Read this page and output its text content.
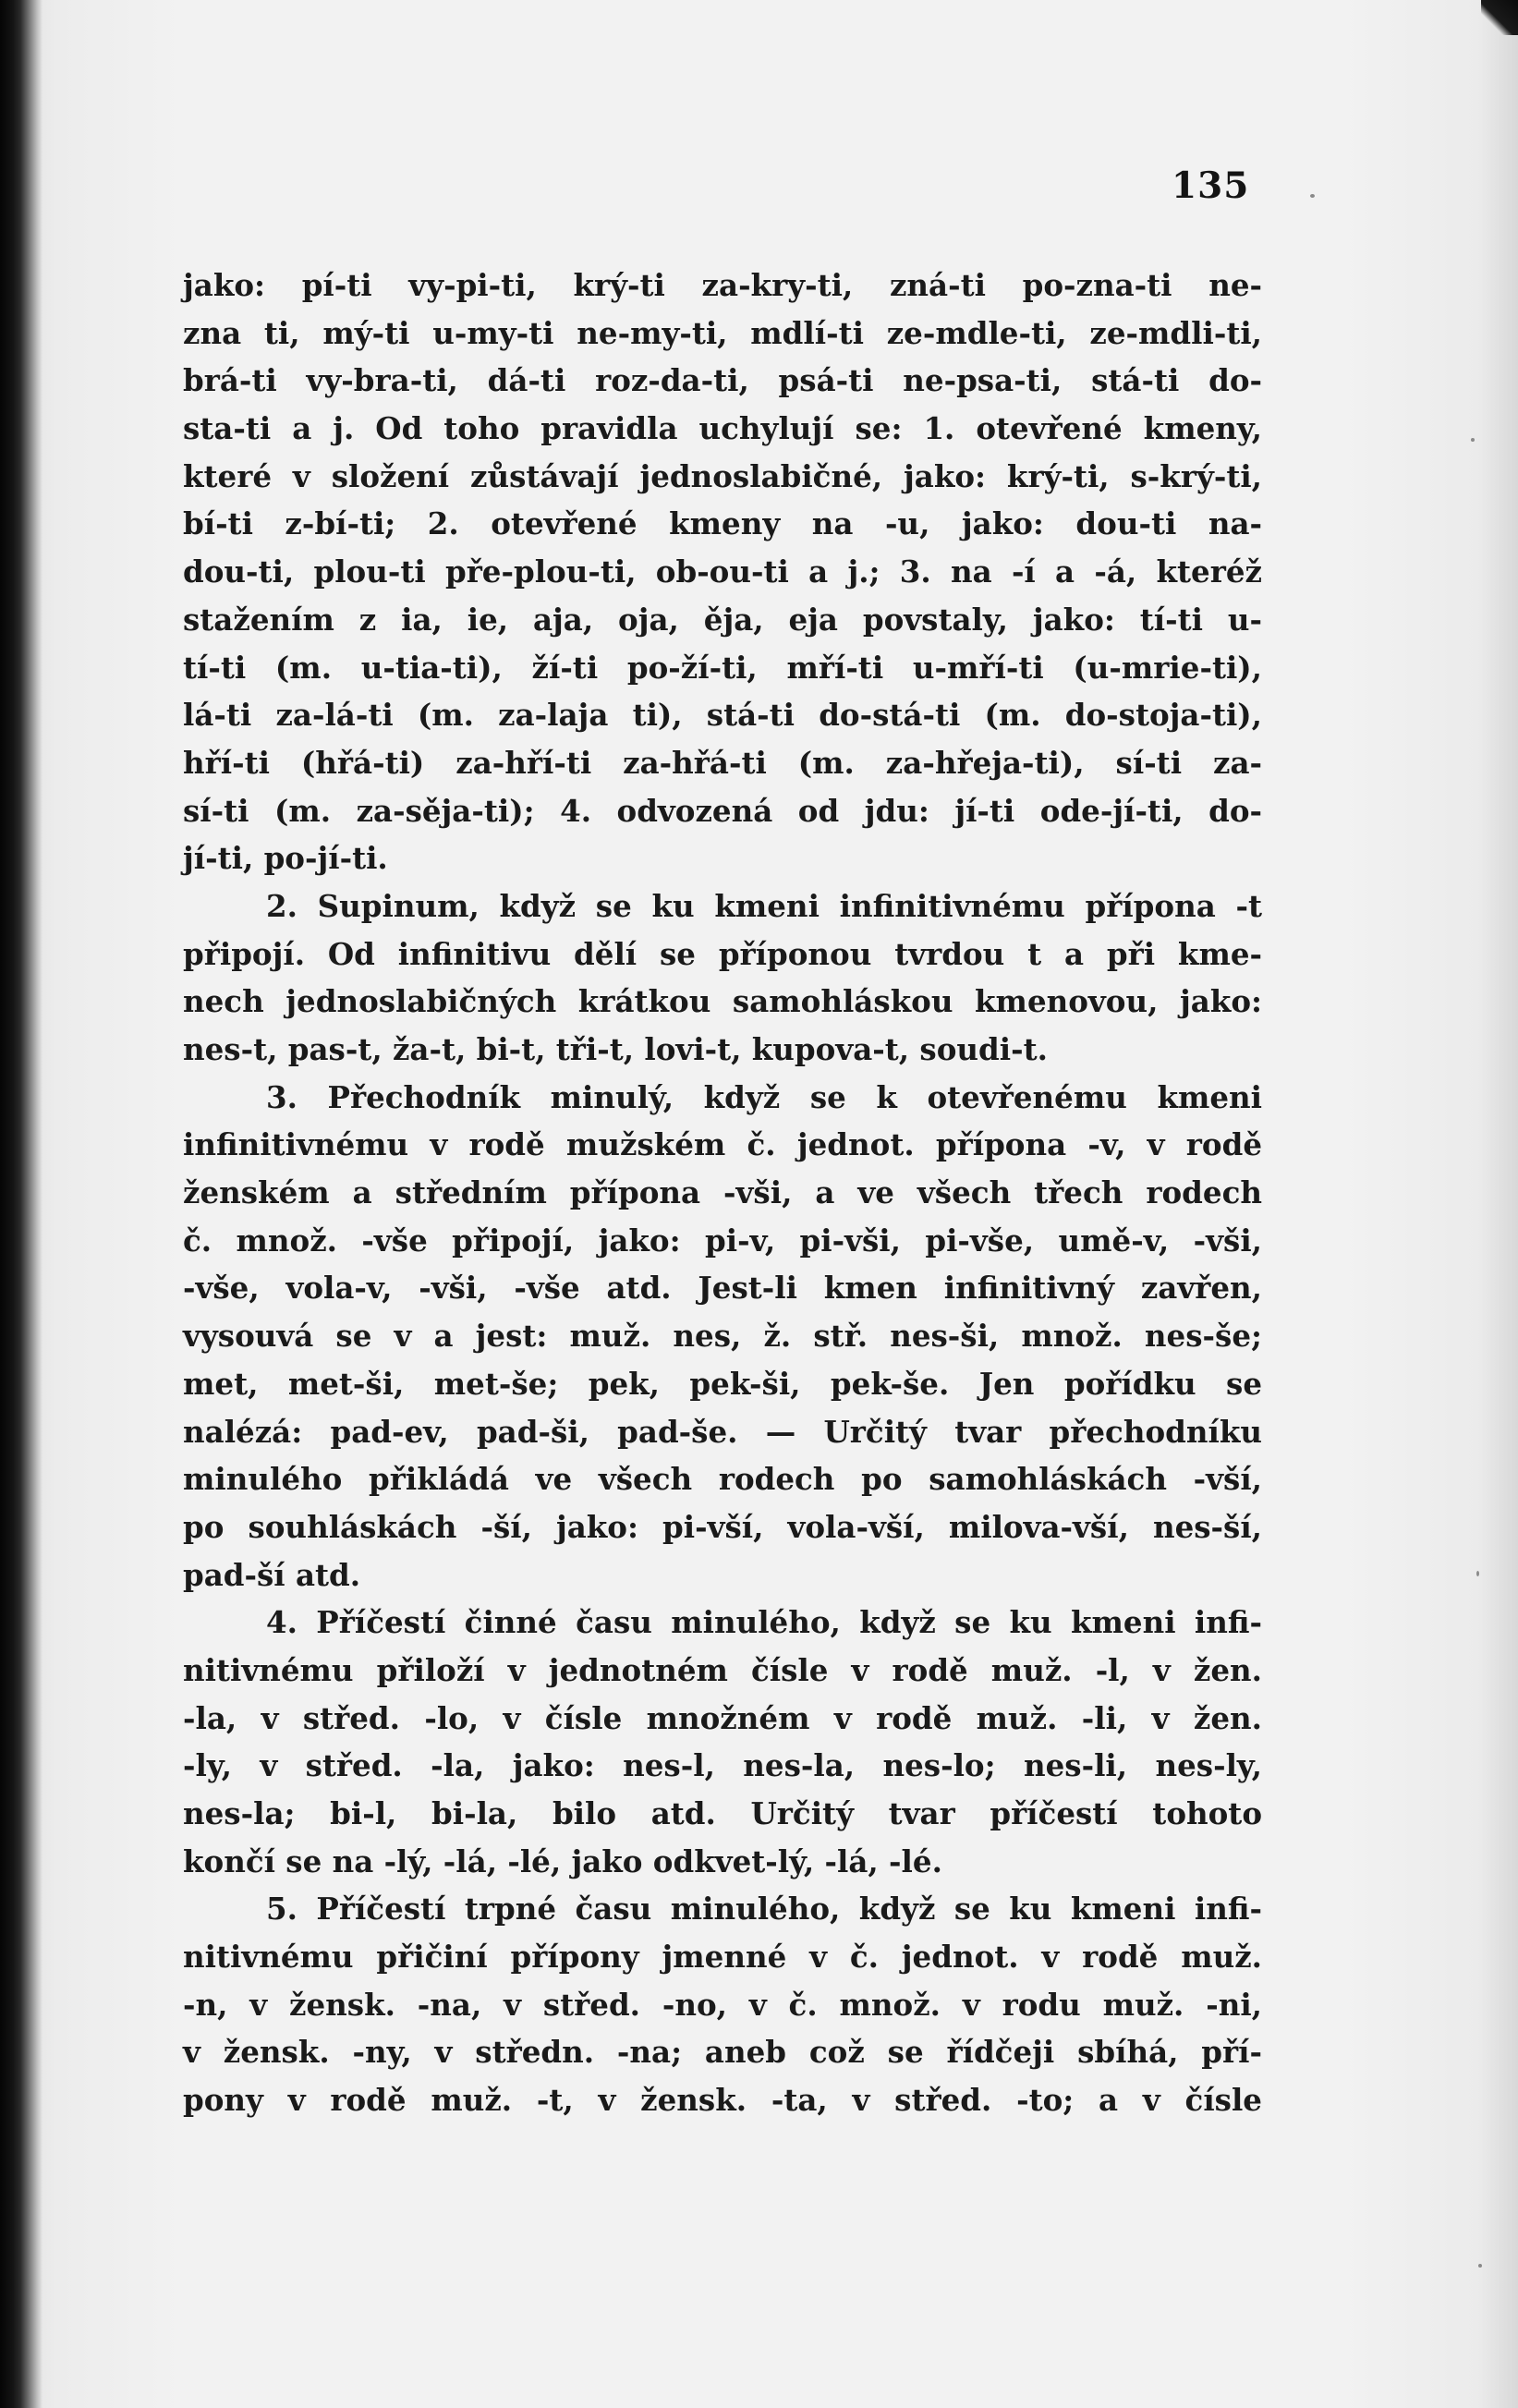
135

jako: pí-ti vy-pi-ti, krý-ti za-kry-ti, zná-ti po-zna-ti ne-
zna ti, mý-ti u-my-ti ne-my-ti, mdlí-ti ze-mdle-ti, ze-mdli-ti,
brá-ti vy-bra-ti, dá-ti roz-da-ti, psá-ti ne-psa-ti, stá-ti do-
sta-ti a j. Od toho pravidla uchylují se: 1. otevřené kmeny,
které v složení zůstávají jednoslabičné, jako: krý-ti, s-krý-ti,
bí-ti z-bí-ti; 2. otevřené kmeny na -u, jako: dou-ti na-
dou-ti, plou-ti pře-plou-ti, ob-ou-ti a j.; 3. na -í a -á, kteréž
stažením z ia, ie, aja, oja, ěja, eja povstaly, jako: tí-ti u-
tí-ti (m. u-tia-ti), ží-ti po-ží-ti, mří-ti u-mří-ti (u-mrie-ti),
lá-ti za-lá-ti (m. za-laja ti), stá-ti do-stá-ti (m. do-stoja-ti),
hří-ti (hřá-ti) za-hří-ti za-hřá-ti (m. za-hřeja-ti), sí-ti za-
sí-ti (m. za-sěja-ti); 4. odvozená od jdu: jí-ti ode-jí-ti, do-
jí-ti, po-jí-ti.
2. Supinum, když se ku kmeni infinitivnému přípona -t
připojí. Od infinitivu dělí se příponou tvrdou t a při kme-
nech jednoslabičných krátkou samohláskou kmenovou, jako:
nes-t, pas-t, ža-t, bi-t, tři-t, lovi-t, kupova-t, soudi-t.
3. Přechodník minulý, když se k otevřenému kmeni
infinitivnému v rodě mužském č. jednot. přípona -v, v rodě
ženském a středním přípona -vši, a ve všech třech rodech
č. množ. -vše připojí, jako: pi-v, pi-vši, pi-vše, umě-v, -vši,
-vše, vola-v, -vši, -vše atd. Jest-li kmen infinitivný zavřen,
vysouvá se v a jest: muž. nes, ž. stř. nes-ši, množ. nes-še;
met, met-ši, met-še; pek, pek-ši, pek-še. Jen pořídku se
nalézá: pad-ev, pad-ši, pad-še. — Určitý tvar přechodníku
minulého přikládá ve všech rodech po samohláskách -vší,
po souhláskách -ší, jako: pi-vší, vola-vší, milova-vší, nes-ší,
pad-ší atd.
4. Příčestí činné času minulého, když se ku kmeni infi-
nitivnému přiloží v jednotném čísle v rodě muž. -l, v žen.
-la, v střed. -lo, v čísle množném v rodě muž. -li, v žen.
-ly, v střed. -la, jako: nes-l, nes-la, nes-lo; nes-li, nes-ly,
nes-la; bi-l, bi-la, bilo atd. Určitý tvar příčestí tohoto
končí se na -lý, -lá, -lé, jako odkvet-lý, -lá, -lé.
5. Příčestí trpné času minulého, když se ku kmeni infi-
nitivnému přičiní přípony jmenné v č. jednot. v rodě muž.
-n, v žensk. -na, v střed. -no, v č. množ. v rodu muž. -ni,
v žensk. -ny, v středn. -na; aneb což se řídčeji sbíhá, pří-
pony v rodě muž. -t, v žensk. -ta, v střed. -to; a v čísle
